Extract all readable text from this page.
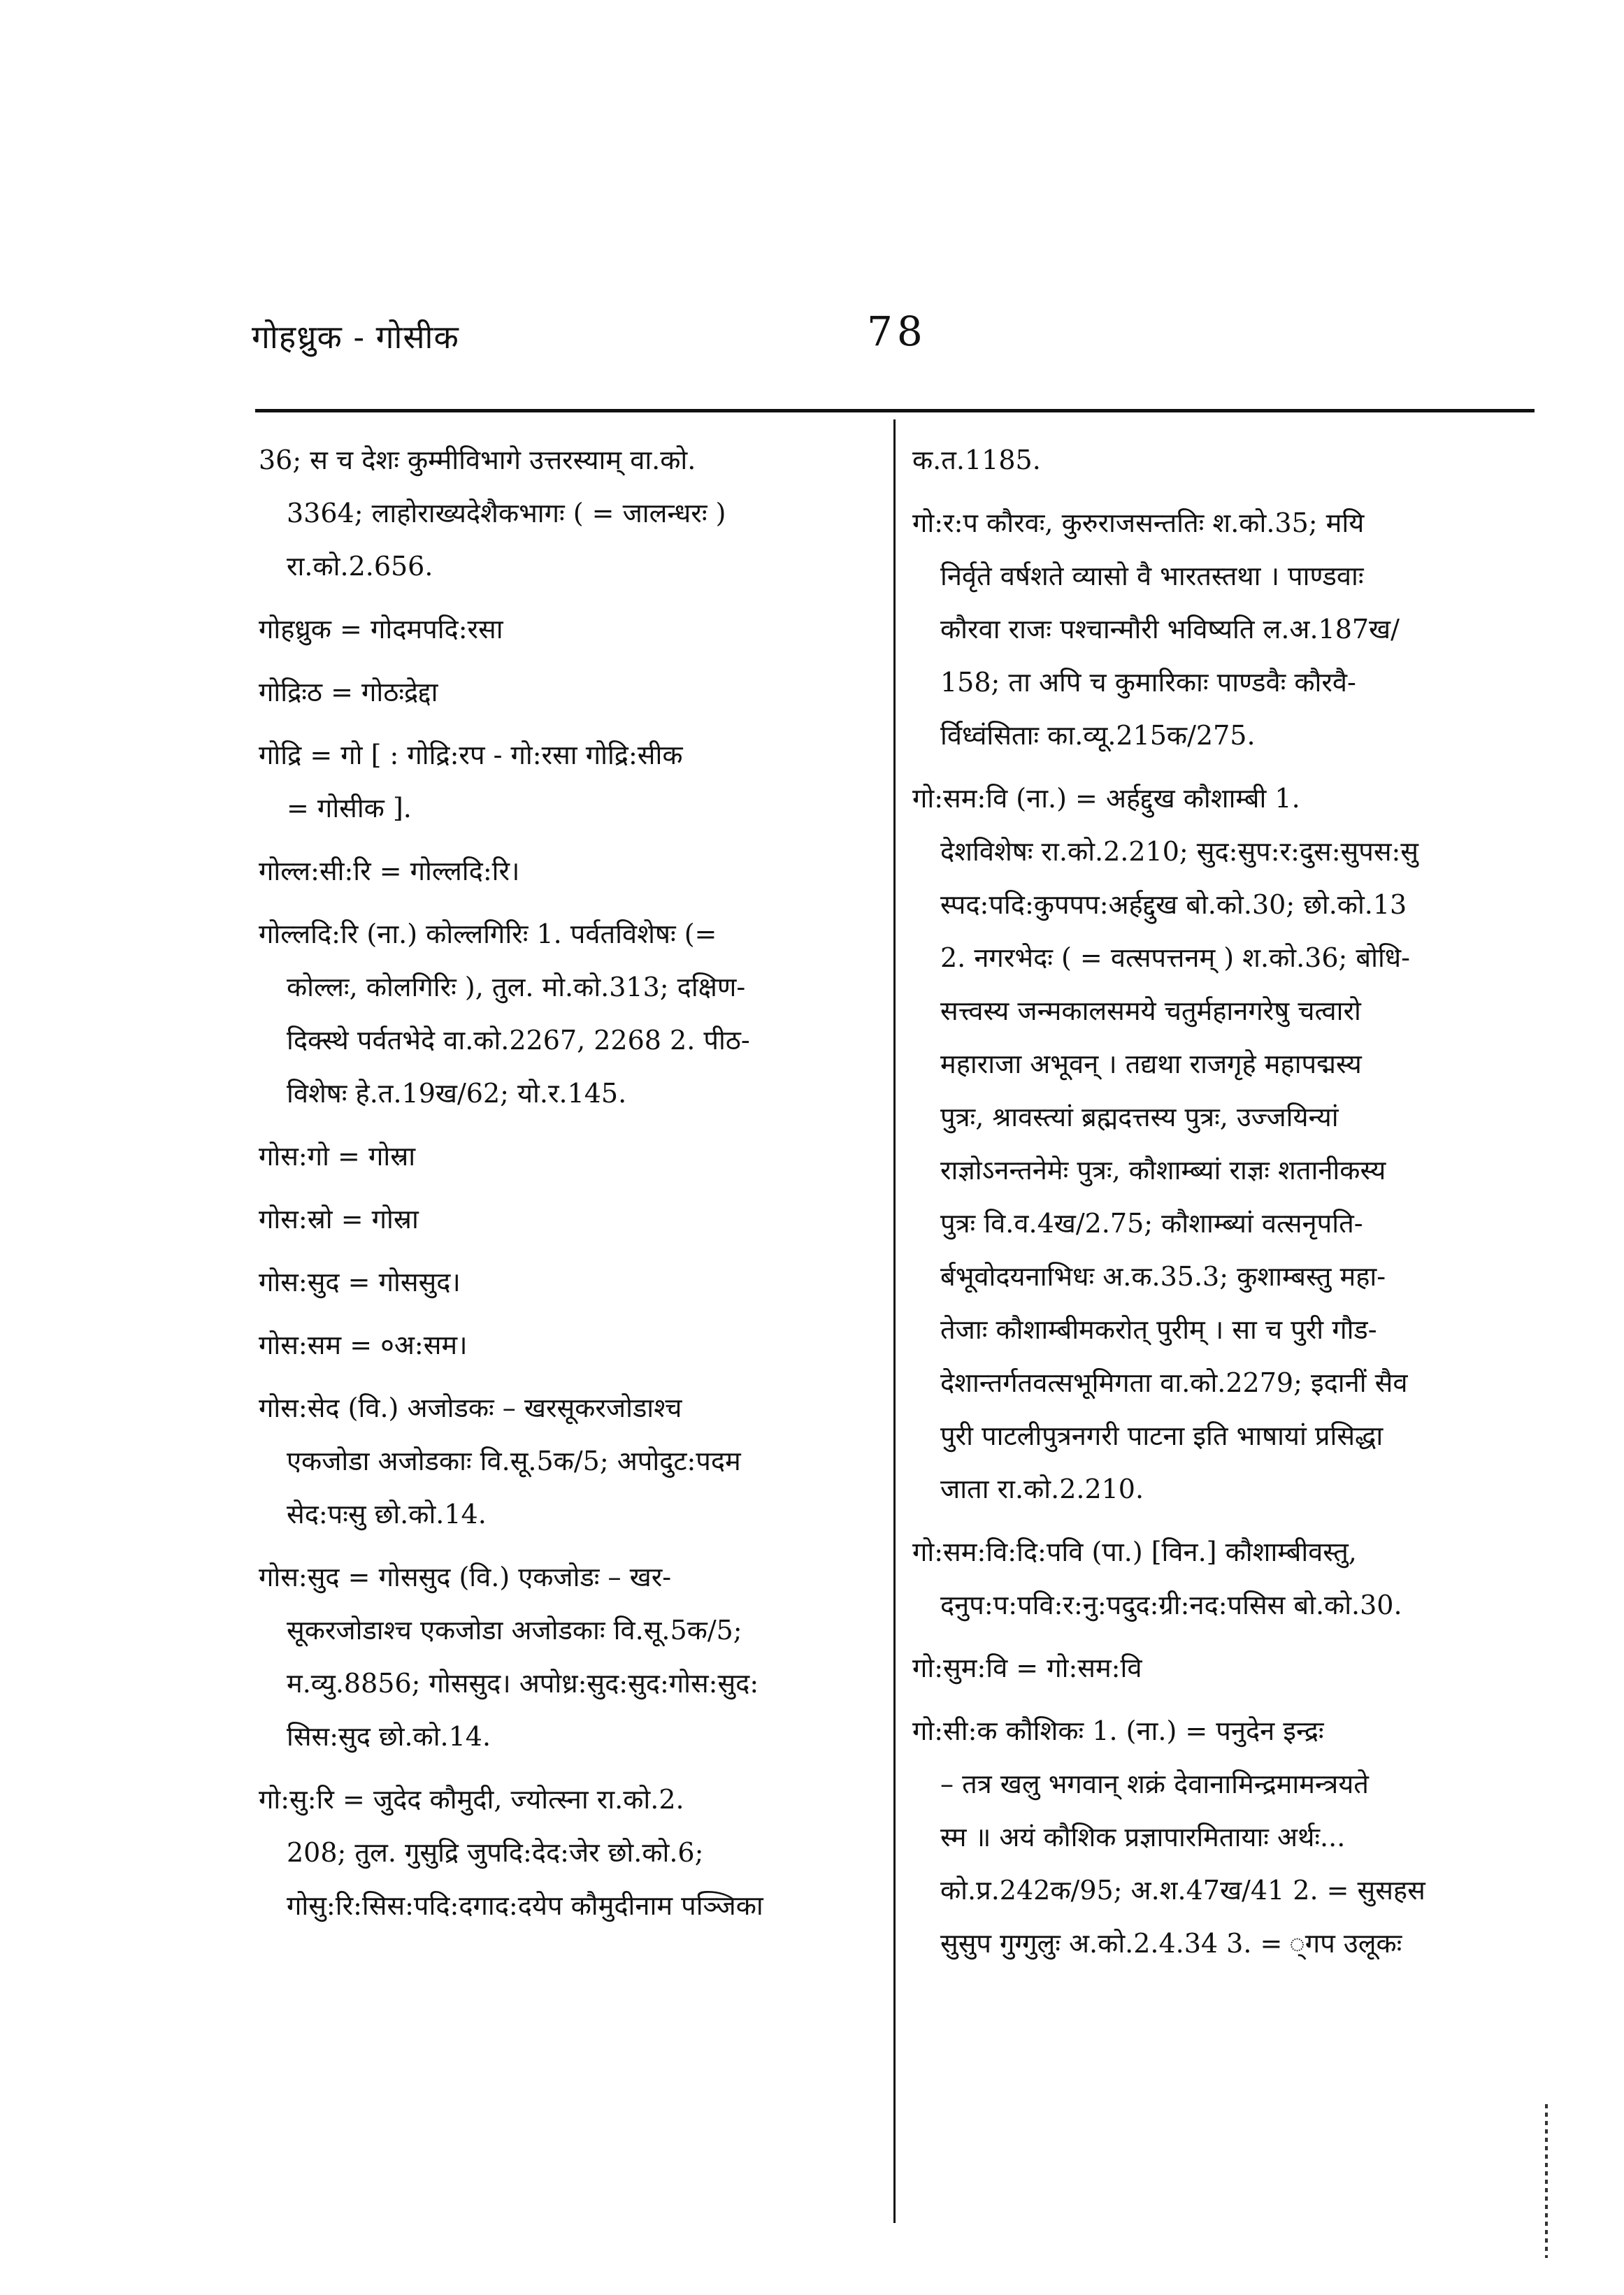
गोहध्रुक - गोसीक	78
36; स च देशः कुम्मीविभागे उत्तरस्याम् वा.को.
3364; लाहोराख्यदेशैकभागः ( = जालन्धरः )
रा.को.2.656.
गोहध्रुक = गोदमपदि:रसा
गोद्रिःठ = गोठःद्रेद्दा
गोद्रि = गो [ : गोद्रि:रप - गो:रसा गोद्रि:सीक
= गोसीक ].
गोल्ल:सी:रि = गोल्लदि:रि।
गोल्लदि:रि (ना.) कोल्लगिरिः 1. पर्वतविशेषः (=
कोल्लः, कोलगिरिः ), तुल. मो.को.313; दक्षिण-
दिक्स्थे पर्वतभेदे वा.को.2267, 2268 2. पीठ-
विशेषः हे.त.19ख/62; यो.र.145.
गोस:गो = गोस्रा
गोस:स्रो = गोस्रा
गोस:सुद = गोससुद।
गोस:सम = ०अ:सम।
गोस:सेद (वि.) अजोडकः – खरसूकरजोडाश्च
एकजोडा अजोडकाः वि.सू.5क/5; अपोदुट:पदम
सेद:पःसु छो.को.14.
गोस:सुद = गोससुद (वि.) एकजोडः – खर-
सूकरजोडाश्च एकजोडा अजोडकाः वि.सू.5क/5;
म.व्यु.8856; गोससुद। अपोध्र:सुद:सुद:गोस:सुद:
सिस:सुद छो.को.14.
गो:सु:रि = जुदेद कौमुदी, ज्योत्स्ना रा.को.2.
208; तुल. गुसुद्रि जुपदि:देद:जेर छो.को.6;
गोसु:रि:सिस:पदि:दगाद:दयेप कौमुदीनाम पञ्जिका
क.त.1185.
गो:र:प कौरवः, कुरुराजसन्ततिः श.को.35; मयि
निर्वृते वर्षशते व्यासो वै भारतस्तथा । पाण्डवाः
कौरवा राजः पश्चान्मौरी भविष्यति ल.अ.187ख/
158; ता अपि च कुमारिकाः पाण्डवैः कौरवै-
र्विध्वंसिताः का.व्यू.215क/275.
गो:सम:वि (ना.) = अर्हद्दुख कौशाम्बी 1.
देशविशेषः रा.को.2.210; सुद:सुप:र:दुस:सुपस:सु
स्पद:पदि:कुपपप:अर्हद्दुख बो.को.30; छो.को.13
2. नगरभेदः ( = वत्सपत्तनम् ) श.को.36; बोधि-
सत्त्वस्य जन्मकालसमये चतुर्महानगरेषु चत्वारो
महाराजा अभूवन् । तद्यथा राजगृहे महापद्मस्य
पुत्रः, श्रावस्त्यां ब्रह्मदत्तस्य पुत्रः, उज्जयिन्यां
राज्ञोऽनन्तनेमेः पुत्रः, कौशाम्ब्यां राज्ञः शतानीकस्य
पुत्रः वि.व.4ख/2.75; कौशाम्ब्यां वत्सनृपति-
र्बभूवोदयनाभिधः अ.क.35.3; कुशाम्बस्तु महा-
तेजाः कौशाम्बीमकरोत् पुरीम् । सा च पुरी गौड-
देशान्तर्गतवत्सभूमिगता वा.को.2279; इदानीं सैव
पुरी पाटलीपुत्रनगरी पाटना इति भाषायां प्रसिद्धा
जाता रा.को.2.210.
गो:सम:वि:दि:पवि (पा.) [विन.] कौशाम्बीवस्तु,
दनुप:प:पवि:र:नु:पदुद:ग्री:नद:पसिस बो.को.30.
गो:सुम:वि = गो:सम:वि
गो:सी:क कौशिकः 1. (ना.) = पनुदेन इन्द्रः
– तत्र खलु भगवान् शक्रं देवानामिन्द्रमामन्त्रयते
स्म ॥ अयं कौशिक प्रज्ञापारमितायाः अर्थः...
को.प्र.242क/95; अ.श.47ख/41 2. = सुसहस
सुसुप गुग्गुलुः अ.को.2.4.34 3. = ्गप उलूकः
